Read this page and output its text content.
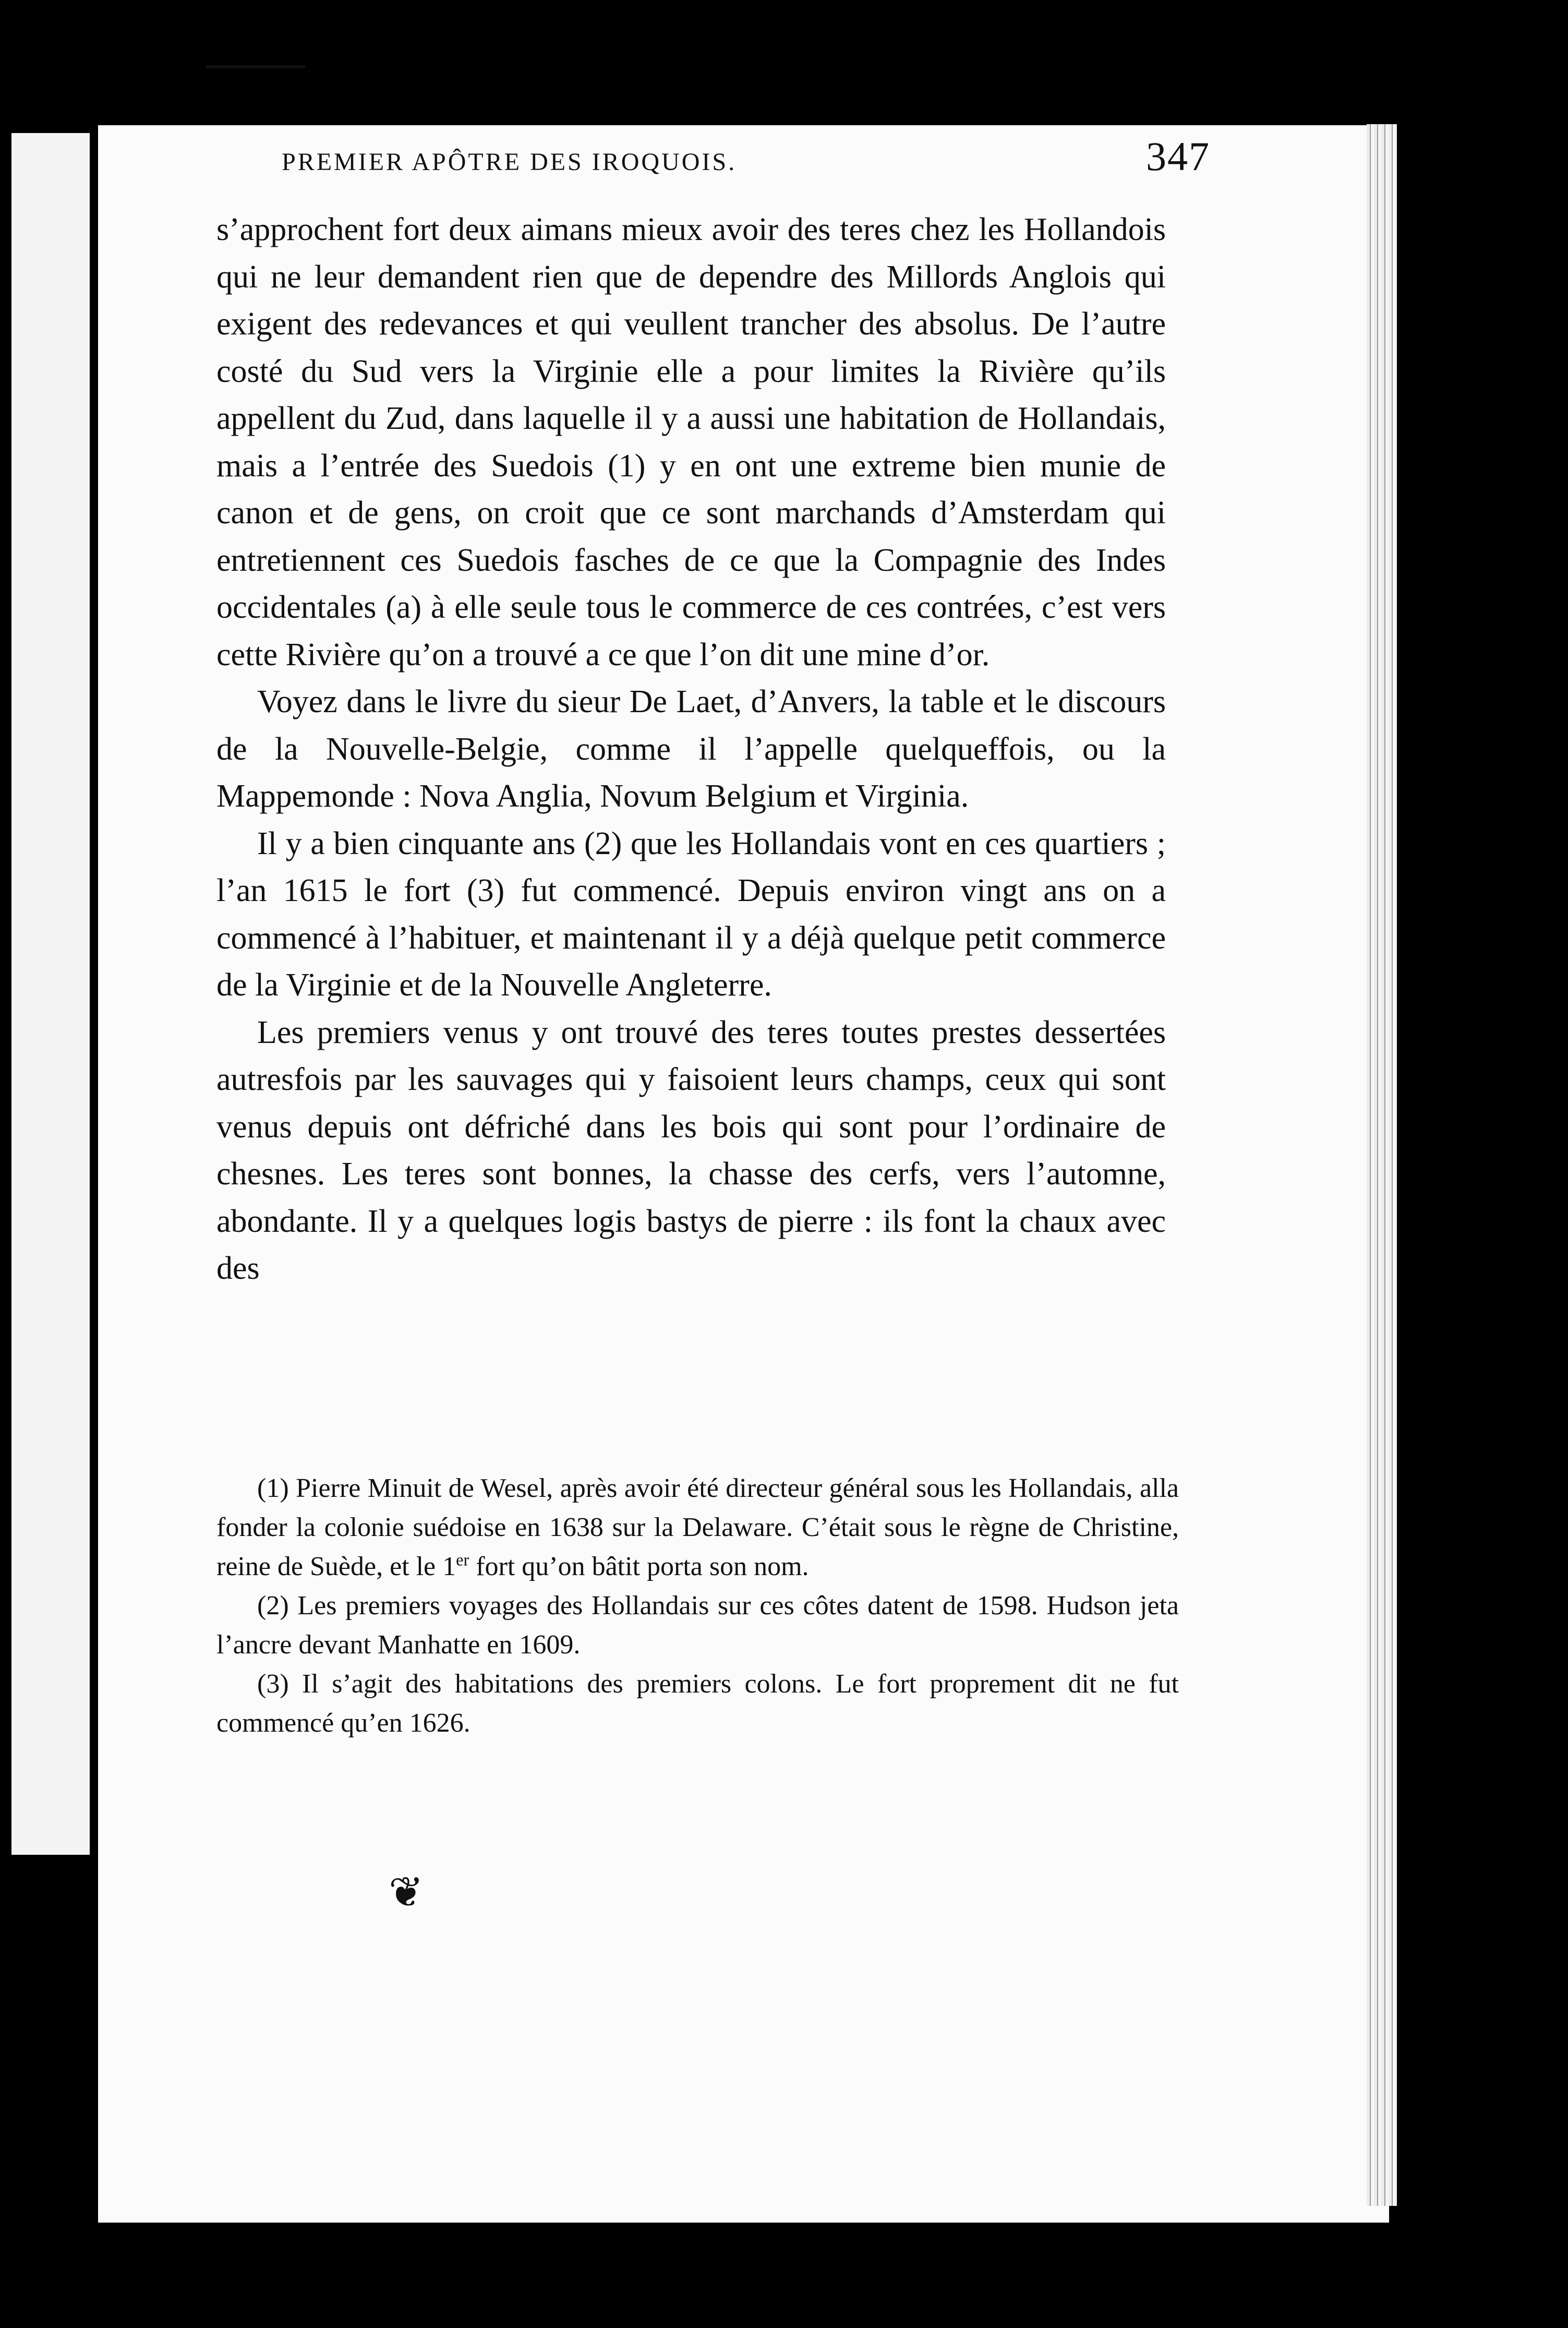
PREMIER APÔTRE DES IROQUOIS.	347

s’approchent fort deux aimans mieux avoir des teres chez les Hollandois qui ne leur demandent rien que de dependre des Millords Anglois qui exigent des redevances et qui veullent trancher des absolus. De l’autre costé du Sud vers la Virginie elle a pour limites la Rivière qu’ils appellent du Zud, dans laquelle il y a aussi une habitation de Hollandais, mais a l’entrée des Suedois (1) y en ont une extreme bien munie de canon et de gens, on croit que ce sont marchands d’Amsterdam qui entretiennent ces Suedois fasches de ce que la Compagnie des Indes occidentales (a) à elle seule tous le commerce de ces contrées, c’est vers cette Rivière qu’on a trouvé a ce que l’on dit une mine d’or.

Voyez dans le livre du sieur De Laet, d’Anvers, la table et le discours de la Nouvelle-Belgie, comme il l’appelle quelqueffois, ou la Mappemonde : Nova Anglia, Novum Belgium et Virginia.

Il y a bien cinquante ans (2) que les Hollandais vont en ces quartiers ; l’an 1615 le fort (3) fut commencé. Depuis environ vingt ans on a commencé à l’habituer, et maintenant il y a déjà quelque petit commerce de la Virginie et de la Nouvelle Angleterre.

Les premiers venus y ont trouvé des teres toutes prestes dessertées autresfois par les sauvages qui y faisoient leurs champs, ceux qui sont venus depuis ont défriché dans les bois qui sont pour l’ordinaire de chesnes. Les teres sont bonnes, la chasse des cerfs, vers l’automne, abondante. Il y a quelques logis bastys de pierre : ils font la chaux avec des

(1) Pierre Minuit de Wesel, après avoir été directeur général sous les Hollandais, alla fonder la colonie suédoise en 1638 sur la Delaware. C’était sous le règne de Christine, reine de Suède, et le 1er fort qu’on bâtit porta son nom.

(2) Les premiers voyages des Hollandais sur ces côtes datent de 1598. Hudson jeta l’ancre devant Manhatte en 1609.

(3) Il s’agit des habitations des premiers colons. Le fort proprement dit ne fut commencé qu’en 1626.

❦
